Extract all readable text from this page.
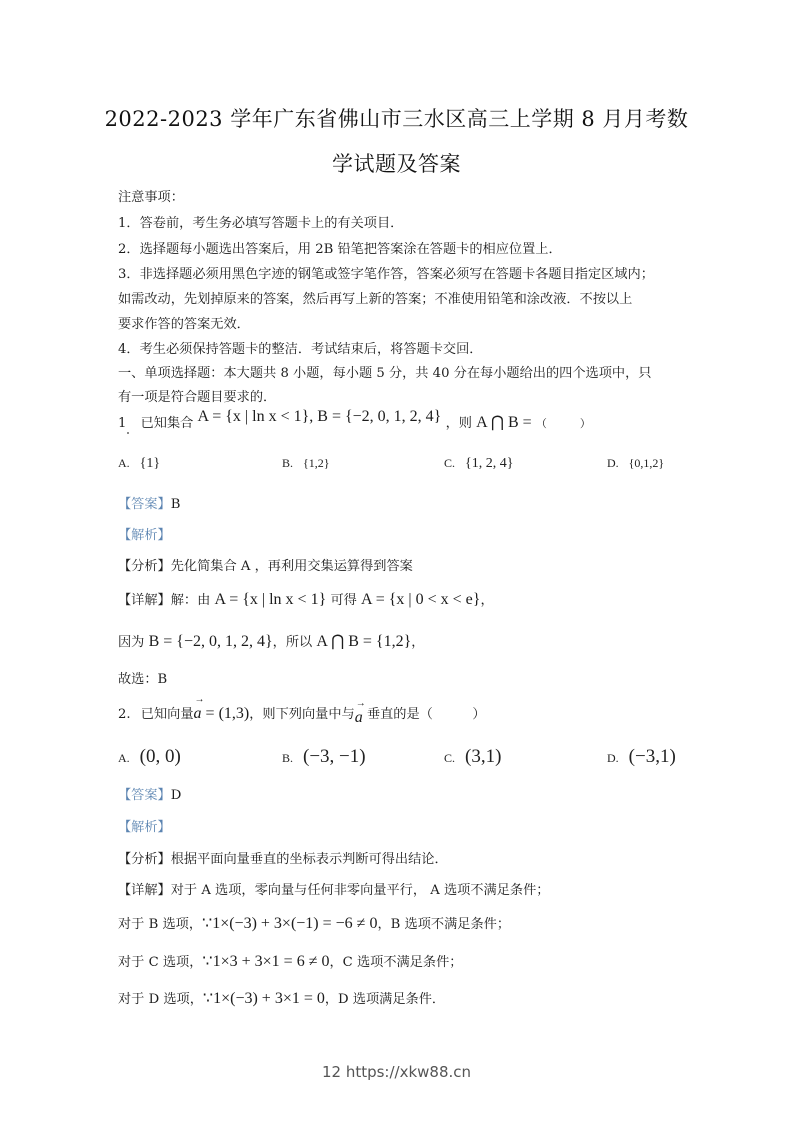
2022-2023 学年广东省佛山市三水区高三上学期 8 月月考数
学试题及答案
注意事项：
1．答卷前，考生务必填写答题卡上的有关项目．
2．选择题每小题选出答案后，用 2B 铅笔把答案涂在答题卡的相应位置上．
3．非选择题必须用黑色字迹的钢笔或签字笔作答，答案必须写在答题卡各题目指定区域内；
如需改动，先划掉原来的答案，然后再写上新的答案；不准使用铅笔和涂改液．不按以上
要求作答的答案无效．
4．考生必须保持答题卡的整洁．考试结束后，将答题卡交回．
一、单项选择题：本大题共 8 小题，每小题 5 分，共 40 分在每小题给出的四个选项中，只
有一项是符合题目要求的．
1 已知集合 A = {x | ln x < 1}, B = {−2, 0, 1, 2, 4} ，则 A ⋂ B = （　　　）
A. {1}	B. {1,2}	C. {1, 2, 4}	D. {0,1,2}
【答案】B
【解析】
【分析】先化简集合 A ，再利用交集运算得到答案
【详解】解：由 A = {x | ln x < 1} 可得 A = {x | 0 < x < e}，
因为 B = {−2, 0, 1, 2, 4}，所以 A ⋂ B = {1,2}，
故选：B
2. 已知向量→ a = (1,3)，则下列向量中与→ a 垂直的是（　　　）
A. (0, 0)	B. (−3, −1)	C. (3,1)	D. (−3,1)
【答案】D
【解析】
【分析】根据平面向量垂直的坐标表示判断可得出结论．
【详解】对于 A 选项，零向量与任何非零向量平行， A 选项不满足条件；
对于 B 选项，∵1×(−3) + 3×(−1) = −6 ≠ 0，B 选项不满足条件；
对于 C 选项，∵1×3 + 3×1 = 6 ≠ 0，C 选项不满足条件；
对于 D 选项，∵1×(−3) + 3×1 = 0，D 选项满足条件．
12 https://xkw88.cn
